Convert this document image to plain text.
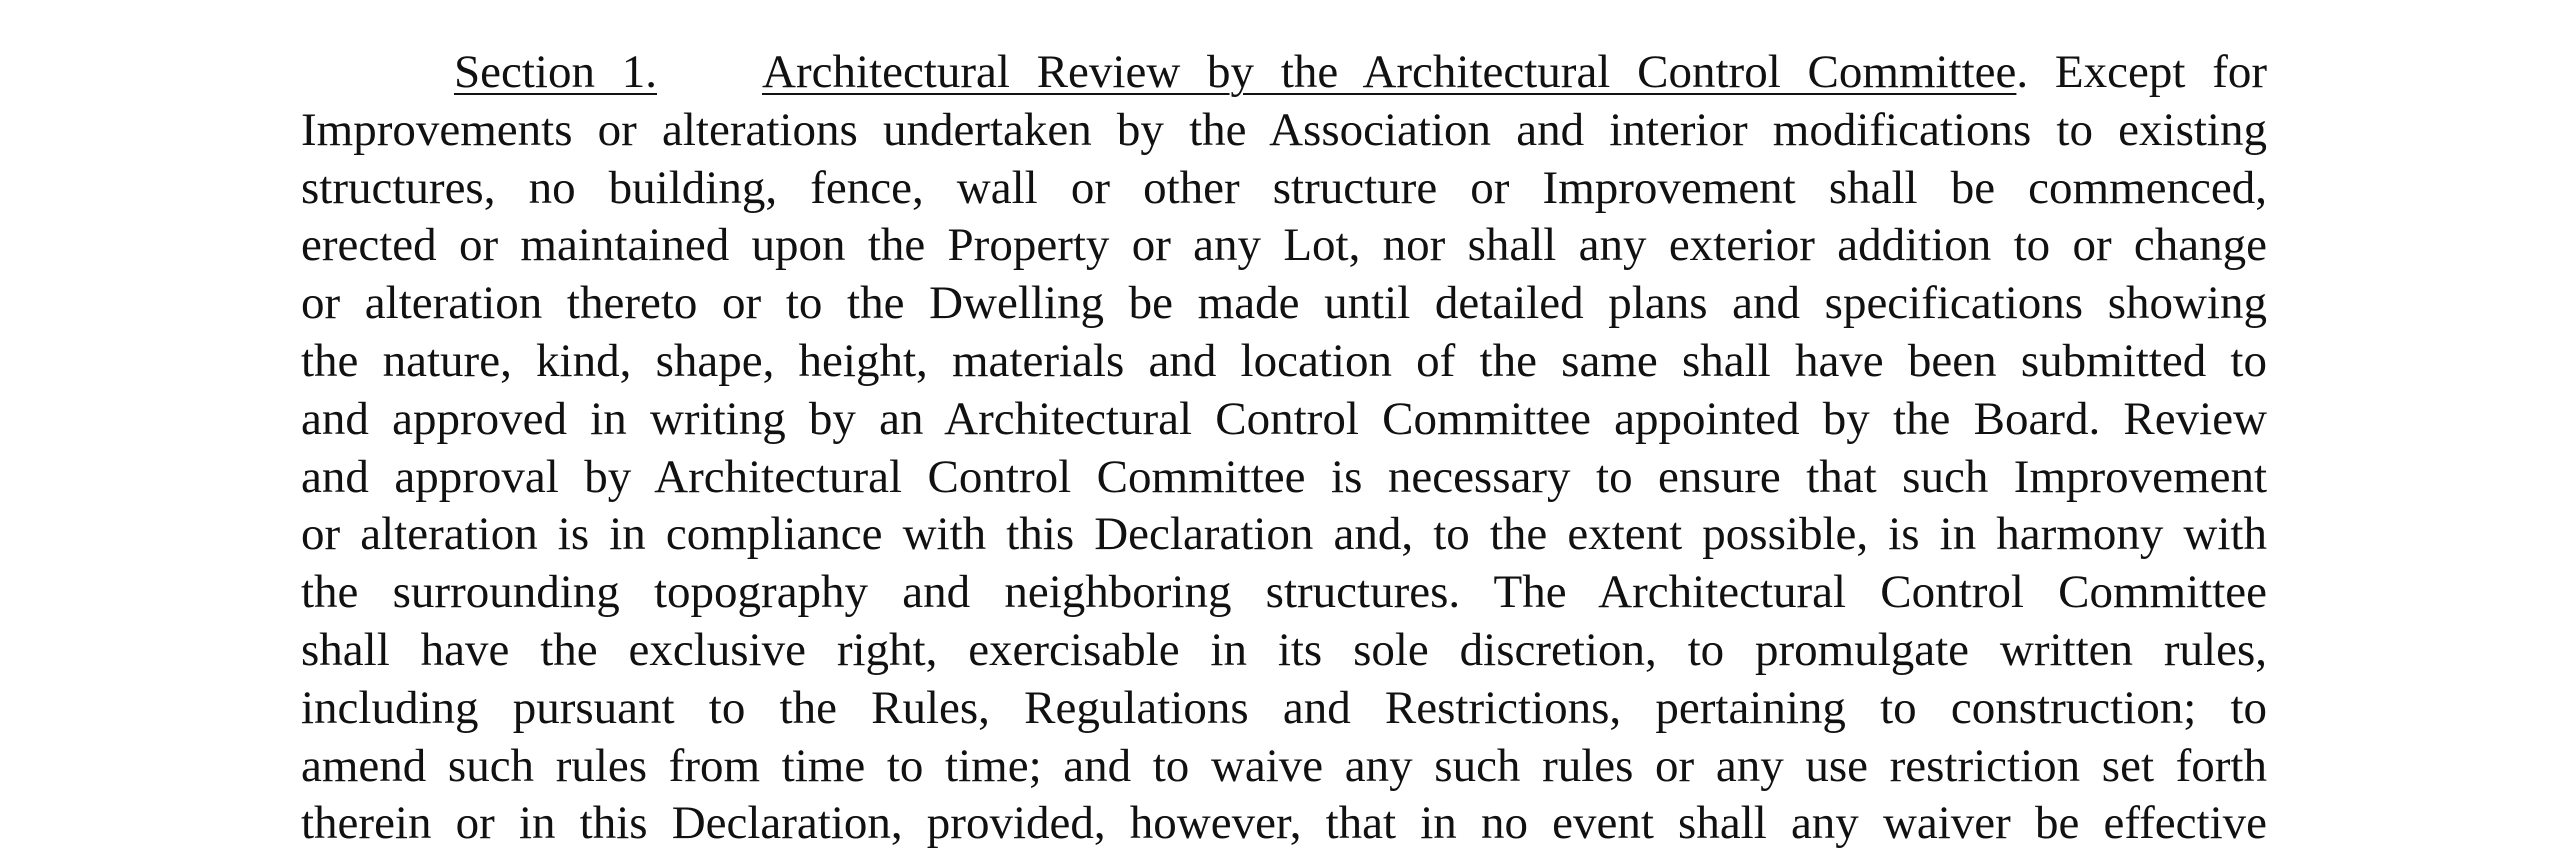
Section 1. Architectural Review by the Architectural Control Committee. Except for
Improvements or alterations undertaken by the Association and interior modifications to existing
structures, no building, fence, wall or other structure or Improvement shall be commenced,
erected or maintained upon the Property or any Lot, nor shall any exterior addition to or change
or alteration thereto or to the Dwelling be made until detailed plans and specifications showing
the nature, kind, shape, height, materials and location of the same shall have been submitted to
and approved in writing by an Architectural Control Committee appointed by the Board. Review
and approval by Architectural Control Committee is necessary to ensure that such Improvement
or alteration is in compliance with this Declaration and, to the extent possible, is in harmony with
the surrounding topography and neighboring structures. The Architectural Control Committee
shall have the exclusive right, exercisable in its sole discretion, to promulgate written rules,
including pursuant to the Rules, Regulations and Restrictions, pertaining to construction; to
amend such rules from time to time; and to waive any such rules or any use restriction set forth
therein or in this Declaration, provided, however, that in no event shall any waiver be effective
